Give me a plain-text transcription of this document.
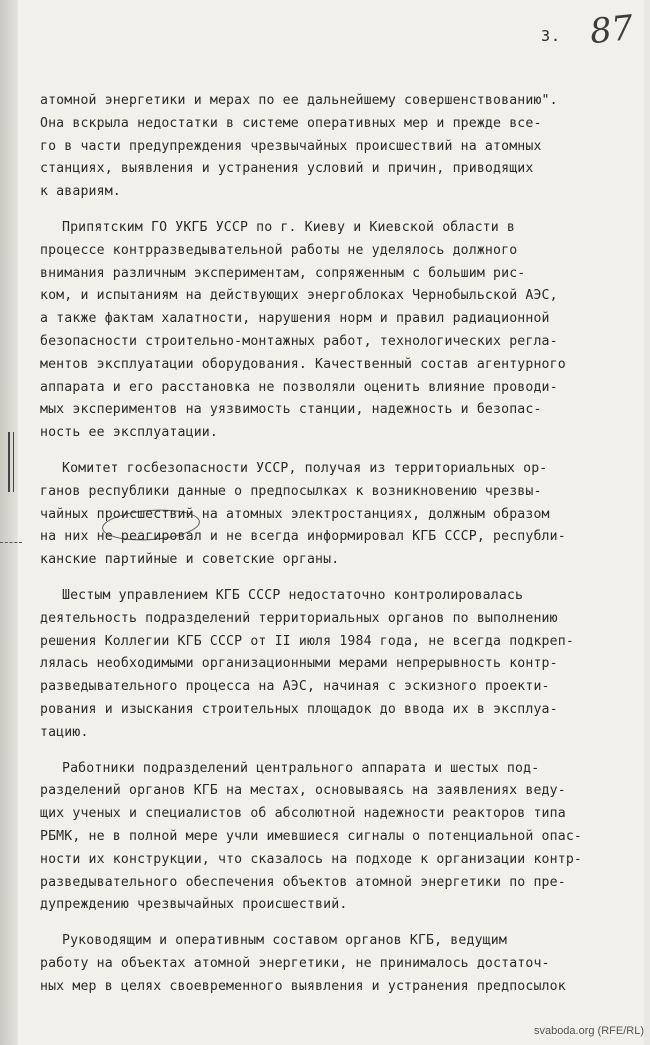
3. 87
атомной энергетики и мерах по ее дальнейшему совершенствованию".
Она вскрыла недостатки в системе оперативных мер и прежде все-
го в части предупреждения чрезвычайных происшествий на атомных
станциях, выявления и устранения условий и причин, приводящих
к авариям.
Припятским ГО УКГБ УССР по г. Киеву и Киевской области в
процессе контрразведывательной работы не уделялось должного
внимания различным экспериментам, сопряженным с большим рис-
ком, и испытаниям на действующих энергоблоках Чернобыльской АЭС,
а также фактам халатности, нарушения норм и правил радиационной
безопасности строительно-монтажных работ, технологических регла-
ментов эксплуатации оборудования. Качественный состав агентурного
аппарата и его расстановка не позволяли оценить влияние проводи-
мых экспериментов на уязвимость станции, надежность и безопас-
ность ее эксплуатации.
Комитет госбезопасности УССР, получая из территориальных ор-
ганов республики данные о предпосылках к возникновению чрезвы-
чайных происшествий на атомных электростанциях, должным образом
на них не реагировал и не всегда информировал КГБ СССР, республи-
канские партийные и советские органы.
Шестым управлением КГБ СССР недостаточно контролировалась
деятельность подразделений территориальных органов по выполнению
решения Коллегии КГБ СССР от II июля 1984 года, не всегда подкреп-
лялась необходимыми организационными мерами непрерывность контр-
разведывательного процесса на АЭС, начиная с эскизного проекти-
рования и изыскания строительных площадок до ввода их в эксплуа-
тацию.
Работники подразделений центрального аппарата и шестых под-
разделений органов КГБ на местах, основываясь на заявлениях веду-
щих ученых и специалистов об абсолютной надежности реакторов типа
РБМК, не в полной мере учли имевшиеся сигналы о потенциальной опас-
ности их конструкции, что сказалось на подходе к организации контр-
разведывательного обеспечения объектов атомной энергетики по пре-
дупреждению чрезвычайных происшествий.
Руководящим и оперативным составом органов КГБ, ведущим
работу на объектах атомной энергетики, не принималось достаточ-
ных мер в целях своевременного выявления и устранения предпосылок
svaboda.org (RFE/RL)
